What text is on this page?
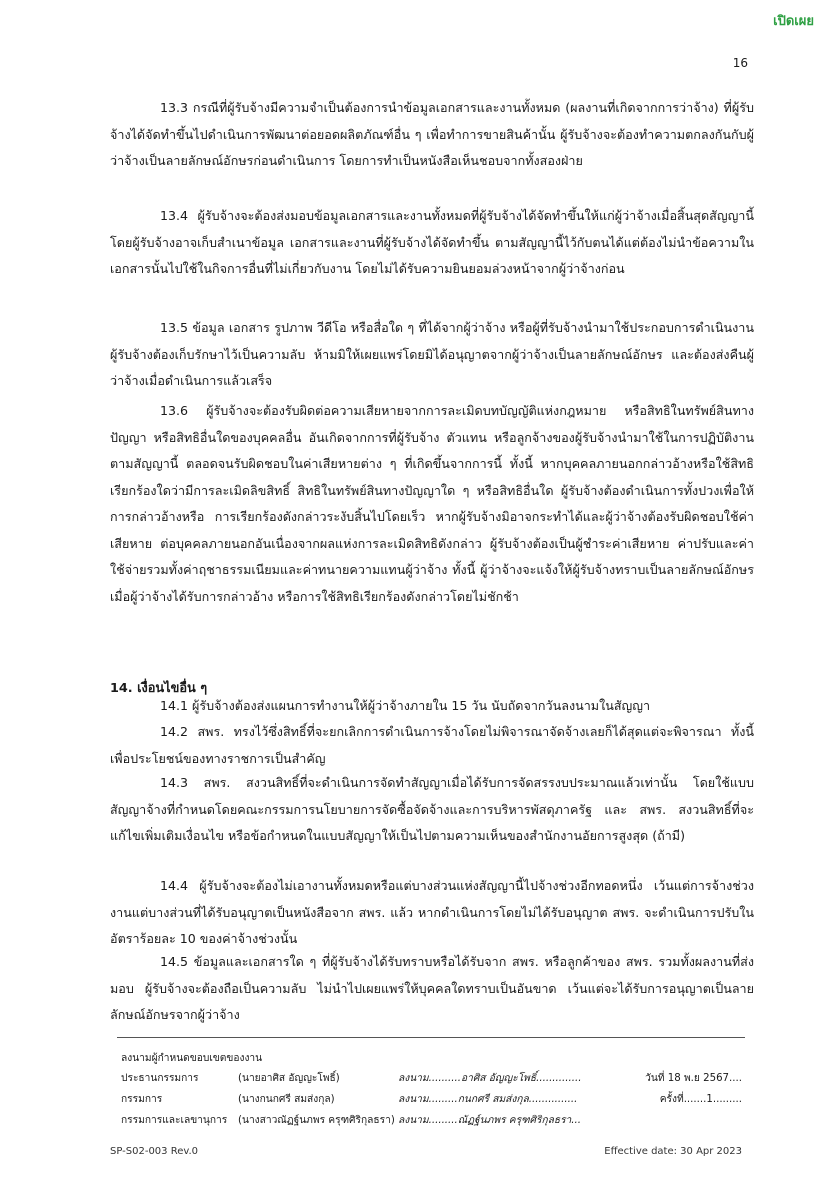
เปิดเผย
16

13.3 กรณีที่ผู้รับจ้างมีความจำเป็นต้องการนำข้อมูลเอกสารและงานทั้งหมด (ผลงานที่เกิดจากการว่าจ้าง) ที่ผู้รับจ้างได้จัดทำขึ้นไปดำเนินการพัฒนาต่อยอดผลิตภัณฑ์อื่น ๆ เพื่อทำการขายสินค้านั้น ผู้รับจ้างจะต้องทำความตกลงกันกับผู้ว่าจ้างเป็นลายลักษณ์อักษรก่อนดำเนินการ โดยการทำเป็นหนังสือเห็นชอบจากทั้งสองฝ่าย

13.4 ผู้รับจ้างจะต้องส่งมอบข้อมูลเอกสารและงานทั้งหมดที่ผู้รับจ้างได้จัดทำขึ้นให้แก่ผู้ว่าจ้างเมื่อสิ้นสุดสัญญานี้ โดยผู้รับจ้างอาจเก็บสำเนาข้อมูล เอกสารและงานที่ผู้รับจ้างได้จัดทำขึ้น ตามสัญญานี้ไว้กับตนได้แต่ต้องไม่นำข้อความในเอกสารนั้นไปใช้ในกิจการอื่นที่ไม่เกี่ยวกับงาน โดยไม่ได้รับความยินยอมล่วงหน้าจากผู้ว่าจ้างก่อน

13.5 ข้อมูล เอกสาร รูปภาพ วีดีโอ หรือสื่อใด ๆ ที่ได้จากผู้ว่าจ้าง หรือผู้ที่รับจ้างนำมาใช้ประกอบการดำเนินงาน ผู้รับจ้างต้องเก็บรักษาไว้เป็นความลับ ห้ามมิให้เผยแพร่โดยมิได้อนุญาตจากผู้ว่าจ้างเป็นลายลักษณ์อักษร และต้องส่งคืนผู้ว่าจ้างเมื่อดำเนินการแล้วเสร็จ

13.6 ผู้รับจ้างจะต้องรับผิดต่อความเสียหายจากการละเมิดบทบัญญัติแห่งกฎหมาย หรือสิทธิในทรัพย์สินทางปัญญา หรือสิทธิอื่นใดของบุคคลอื่น อันเกิดจากการที่ผู้รับจ้าง ตัวแทน หรือลูกจ้างของผู้รับจ้างนำมาใช้ในการปฏิบัติงานตามสัญญานี้ ตลอดจนรับผิดชอบในค่าเสียหายต่าง ๆ ที่เกิดขึ้นจากการนี้ ทั้งนี้ หากบุคคลภายนอกกล่าวอ้างหรือใช้สิทธิเรียกร้องใดว่ามีการละเมิดลิขสิทธิ์ สิทธิในทรัพย์สินทางปัญญาใด ๆ หรือสิทธิอื่นใด ผู้รับจ้างต้องดำเนินการทั้งปวงเพื่อให้ การกล่าวอ้างหรือ การเรียกร้องดังกล่าวระงับสิ้นไปโดยเร็ว หากผู้รับจ้างมิอาจกระทำได้และผู้ว่าจ้างต้องรับผิดชอบใช้ค่าเสียหาย ต่อบุคคลภายนอกอันเนื่องจากผลแห่งการละเมิดสิทธิดังกล่าว ผู้รับจ้างต้องเป็นผู้ชำระค่าเสียหาย ค่าปรับและค่าใช้จ่ายรวมทั้งค่าฤชาธรรมเนียมและค่าทนายความแทนผู้ว่าจ้าง ทั้งนี้ ผู้ว่าจ้างจะแจ้งให้ผู้รับจ้างทราบเป็นลายลักษณ์อักษร เมื่อผู้ว่าจ้างได้รับการกล่าวอ้าง หรือการใช้สิทธิเรียกร้องดังกล่าวโดยไม่ชักช้า

14. เงื่อนไขอื่น ๆ

14.1 ผู้รับจ้างต้องส่งแผนการทำงานให้ผู้ว่าจ้างภายใน 15 วัน นับถัดจากวันลงนามในสัญญา

14.2 สพร. ทรงไว้ซึ่งสิทธิ์ที่จะยกเลิกการดำเนินการจ้างโดยไม่พิจารณาจัดจ้างเลยก็ได้สุดแต่จะพิจารณา ทั้งนี้ เพื่อประโยชน์ของทางราชการเป็นสำคัญ

14.3 สพร. สงวนสิทธิ์ที่จะดำเนินการจัดทำสัญญาเมื่อได้รับการจัดสรรงบประมาณแล้วเท่านั้น โดยใช้แบบสัญญาจ้างที่กำหนดโดยคณะกรรมการนโยบายการจัดซื้อจัดจ้างและการบริหารพัสดุภาครัฐ และ สพร. สงวนสิทธิ์ที่จะแก้ไขเพิ่มเติมเงื่อนไข หรือข้อกำหนดในแบบสัญญาให้เป็นไปตามความเห็นของสำนักงานอัยการสูงสุด (ถ้ามี)

14.4 ผู้รับจ้างจะต้องไม่เอางานทั้งหมดหรือแต่บางส่วนแห่งสัญญานี้ไปจ้างช่วงอีกทอดหนึ่ง เว้นแต่การจ้างช่วงงานแต่บางส่วนที่ได้รับอนุญาตเป็นหนังสือจาก สพร. แล้ว หากดำเนินการโดยไม่ได้รับอนุญาต สพร. จะดำเนินการปรับในอัตราร้อยละ 10 ของค่าจ้างช่วงนั้น

14.5 ข้อมูลและเอกสารใด ๆ ที่ผู้รับจ้างได้รับทราบหรือได้รับจาก สพร. หรือลูกค้าของ สพร. รวมทั้งผลงานที่ส่งมอบ ผู้รับจ้างจะต้องถือเป็นความลับ ไม่นำไปเผยแพร่ให้บุคคลใดทราบเป็นอันขาด เว้นแต่จะได้รับการอนุญาตเป็นลายลักษณ์อักษรจากผู้ว่าจ้าง

ลงนามผู้กำหนดขอบเขตของงาน
ประธานกรรมการ	(นายอาศิส อัญญะโพธิ์)	ลงนาม..........อาศิส อัญญะโพธิ์..............	วันที่ 18 พ.ย 2567....
กรรมการ	(นางกนกศรี สมส่งกุล)	ลงนาม.........กนกศรี สมส่งกุล...............	ครั้งที่.......1.........
กรรมการและเลขานุการ (นางสาวณัฏฐ์นภพร ครุฑศิริกุลธรา) ลงนาม.........ณัฏฐ์นภพร ครุฑศิริกุลธรา...
SP-S02-003 Rev.0	Effective date: 30 Apr 2023
